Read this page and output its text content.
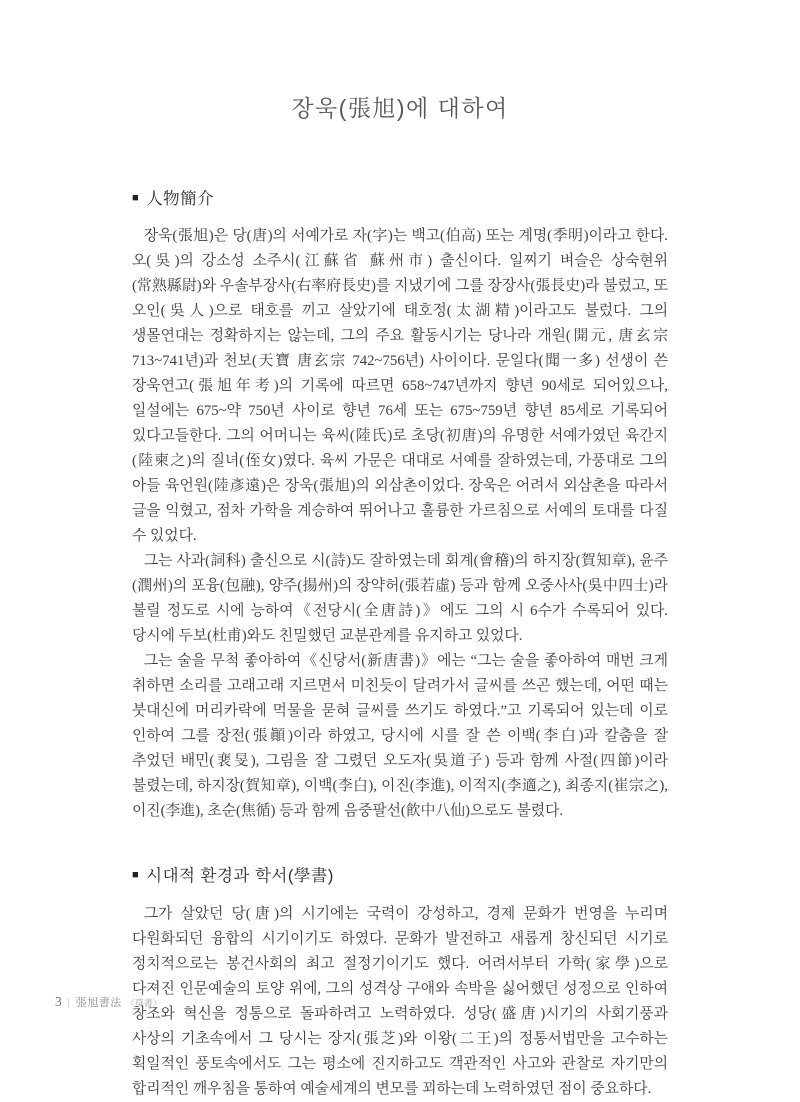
장욱(張旭)에 대하여
■ 人物簡介

장욱(張旭)은 당(唐)의 서예가로 자(字)는 백고(伯高) 또는 계명(季明)이라고 한다. 오(吳)의 강소성 소주시(江蘇省 蘇州市) 출신이다. 일찌기 벼슬은 상숙현위(常熟縣尉)와 우솔부장사(右率府長史)를 지냈기에 그를 장장사(張長史)라 불렀고, 또 오인(吳人)으로 태호를 끼고 살았기에 태호정(太湖精)이라고도 불렀다. 그의 생몰연대는 정확하지는 않는데, 그의 주요 활동시기는 당나라 개원(開元, 唐玄宗 713~741년)과 천보(天寶 唐玄宗 742~756년) 사이이다. 문일다(聞一多) 선생이 쓴 장욱연고(張旭年考)의 기록에 따르면 658~747년까지 향년 90세로 되어있으나, 일설에는 675~약 750년 사이로 향년 76세 또는 675~759년 향년 85세로 기록되어 있다고들한다. 그의 어머니는 육씨(陸氏)로 초당(初唐)의 유명한 서예가였던 육간지(陸柬之)의 질녀(侄女)였다. 육씨 가문은 대대로 서예를 잘하였는데, 가풍대로 그의 아들 육언원(陸彥遠)은 장욱(張旭)의 외삼촌이었다. 장욱은 어려서 외삼촌을 따라서 글을 익혔고, 점차 가학을 계승하여 뛰어나고 훌륭한 가르침으로 서예의 토대를 다질 수 있었다.

그는 사과(詞科) 출신으로 시(詩)도 잘하였는데 회계(會稽)의 하지장(賀知章), 윤주(潤州)의 포융(包融), 양주(揚州)의 장약허(張若虛) 등과 함께 오중사사(吳中四士)라 불릴 정도로 시에 능하여《전당시(全唐詩)》에도 그의 시 6수가 수록되어 있다. 당시에 두보(杜甫)와도 친밀했던 교분관계를 유지하고 있었다.

그는 술을 무척 좋아하여《신당서(新唐書)》에는 “그는 술을 좋아하여 매번 크게 취하면 소리를 고래고래 지르면서 미친듯이 달려가서 글씨를 쓰곤 했는데, 어떤 때는 붓대신에 머리카락에 먹물을 묻혀 글씨를 쓰기도 하였다.”고 기록되어 있는데 이로 인하여 그를 장전(張顚)이라 하였고, 당시에 시를 잘 쓴 이백(李白)과 칼춤을 잘 추었던 배민(裵旻), 그림을 잘 그렸던 오도자(吳道子) 등과 함께 사절(四節)이라 불렸는데, 하지장(賀知章), 이백(李白), 이진(李進), 이적지(李適之), 최종지(崔宗之), 이진(李進), 초순(焦循) 등과 함께 음중팔선(飮中八仙)으로도 불렸다.

■ 시대적 환경과 학서(學書)

그가 살았던 당(唐)의 시기에는 국력이 강성하고, 경제 문화가 번영을 누리며 다원화되던 융합의 시기이기도 하였다. 문화가 발전하고 새롭게 창신되던 시기로 정치적으로는 봉건사회의 최고 절정기이기도 했다. 어려서부터 가학(家學)으로 다져진 인문예술의 토양 위에, 그의 성격상 구애와 속박을 싫어했던 성정으로 인하여 창조와 혁신을 정통으로 돌파하려고 노력하였다. 성당(盛唐)시기의 사회기풍과 사상의 기초속에서 그 당시는 장지(張芝)와 이왕(二王)의 정통서법만을 고수하는 획일적인 풍토속에서도 그는 평소에 진지하고도 객관적인 사고와 관찰로 자기만의 합리적인 깨우침을 통하여 예술세계의 변모를 꾀하는데 노력하였던 점이 중요하다.

3 | 張旭書法 〈草書〉
